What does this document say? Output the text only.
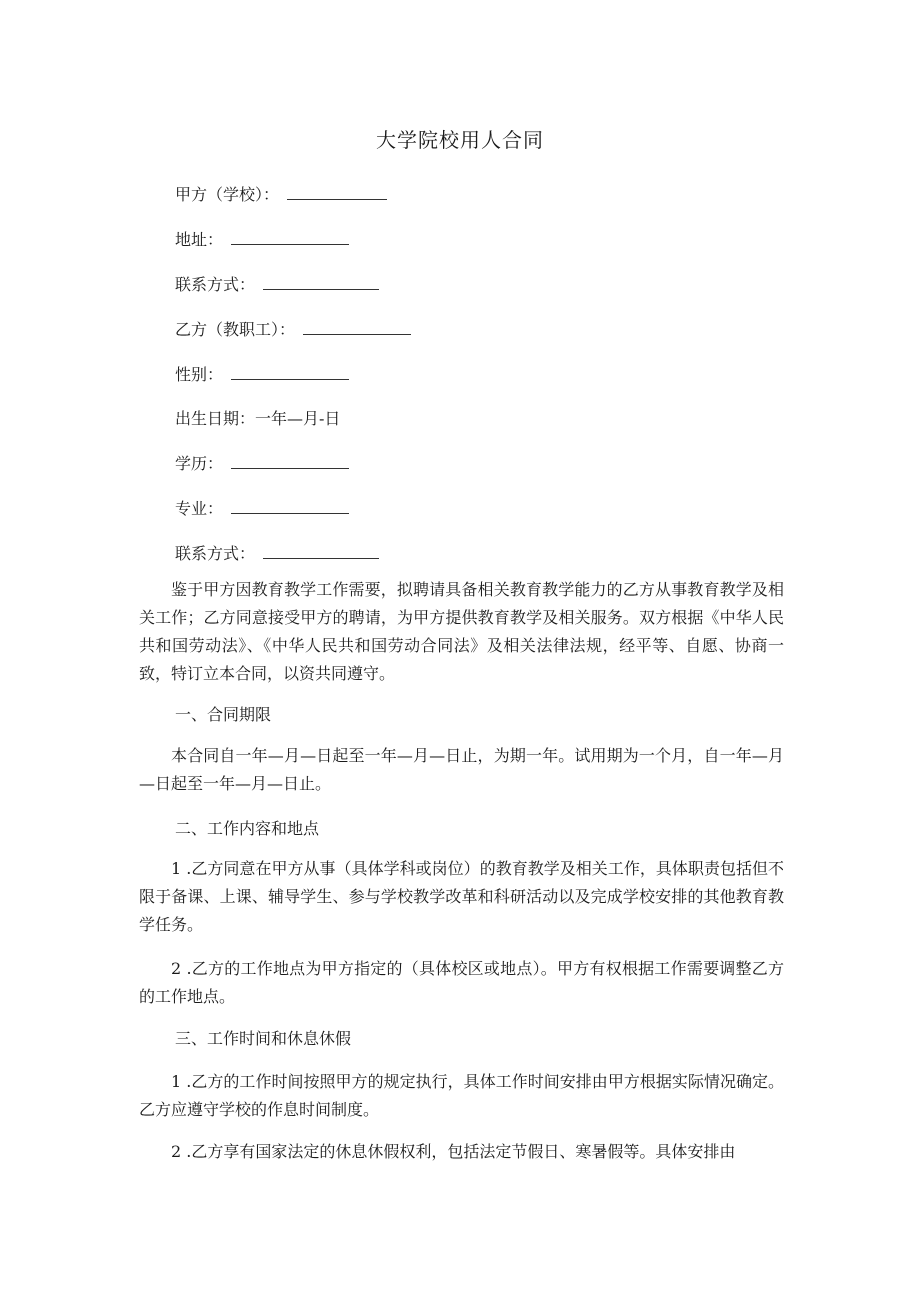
大学院校用人合同
甲方（学校）：
地址：
联系方式：
乙方（教职工）：
性别：
出生日期：一年—月-日
学历：
专业：
联系方式：
鉴于甲方因教育教学工作需要，拟聘请具备相关教育教学能力的乙方从事教育教学及相关工作；乙方同意接受甲方的聘请，为甲方提供教育教学及相关服务。双方根据《中华人民共和国劳动法》、《中华人民共和国劳动合同法》及相关法律法规，经平等、自愿、协商一致，特订立本合同，以资共同遵守。
一、合同期限
本合同自一年—月—日起至一年—月—日止，为期一年。试用期为一个月，自一年—月—日起至一年—月—日止。
二、工作内容和地点
1 .乙方同意在甲方从事（具体学科或岗位）的教育教学及相关工作，具体职责包括但不限于备课、上课、辅导学生、参与学校教学改革和科研活动以及完成学校安排的其他教育教学任务。
2 .乙方的工作地点为甲方指定的（具体校区或地点）。甲方有权根据工作需要调整乙方的工作地点。
三、工作时间和休息休假
1 .乙方的工作时间按照甲方的规定执行，具体工作时间安排由甲方根据实际情况确定。乙方应遵守学校的作息时间制度。
2 .乙方享有国家法定的休息休假权利，包括法定节假日、寒暑假等。具体安排由
